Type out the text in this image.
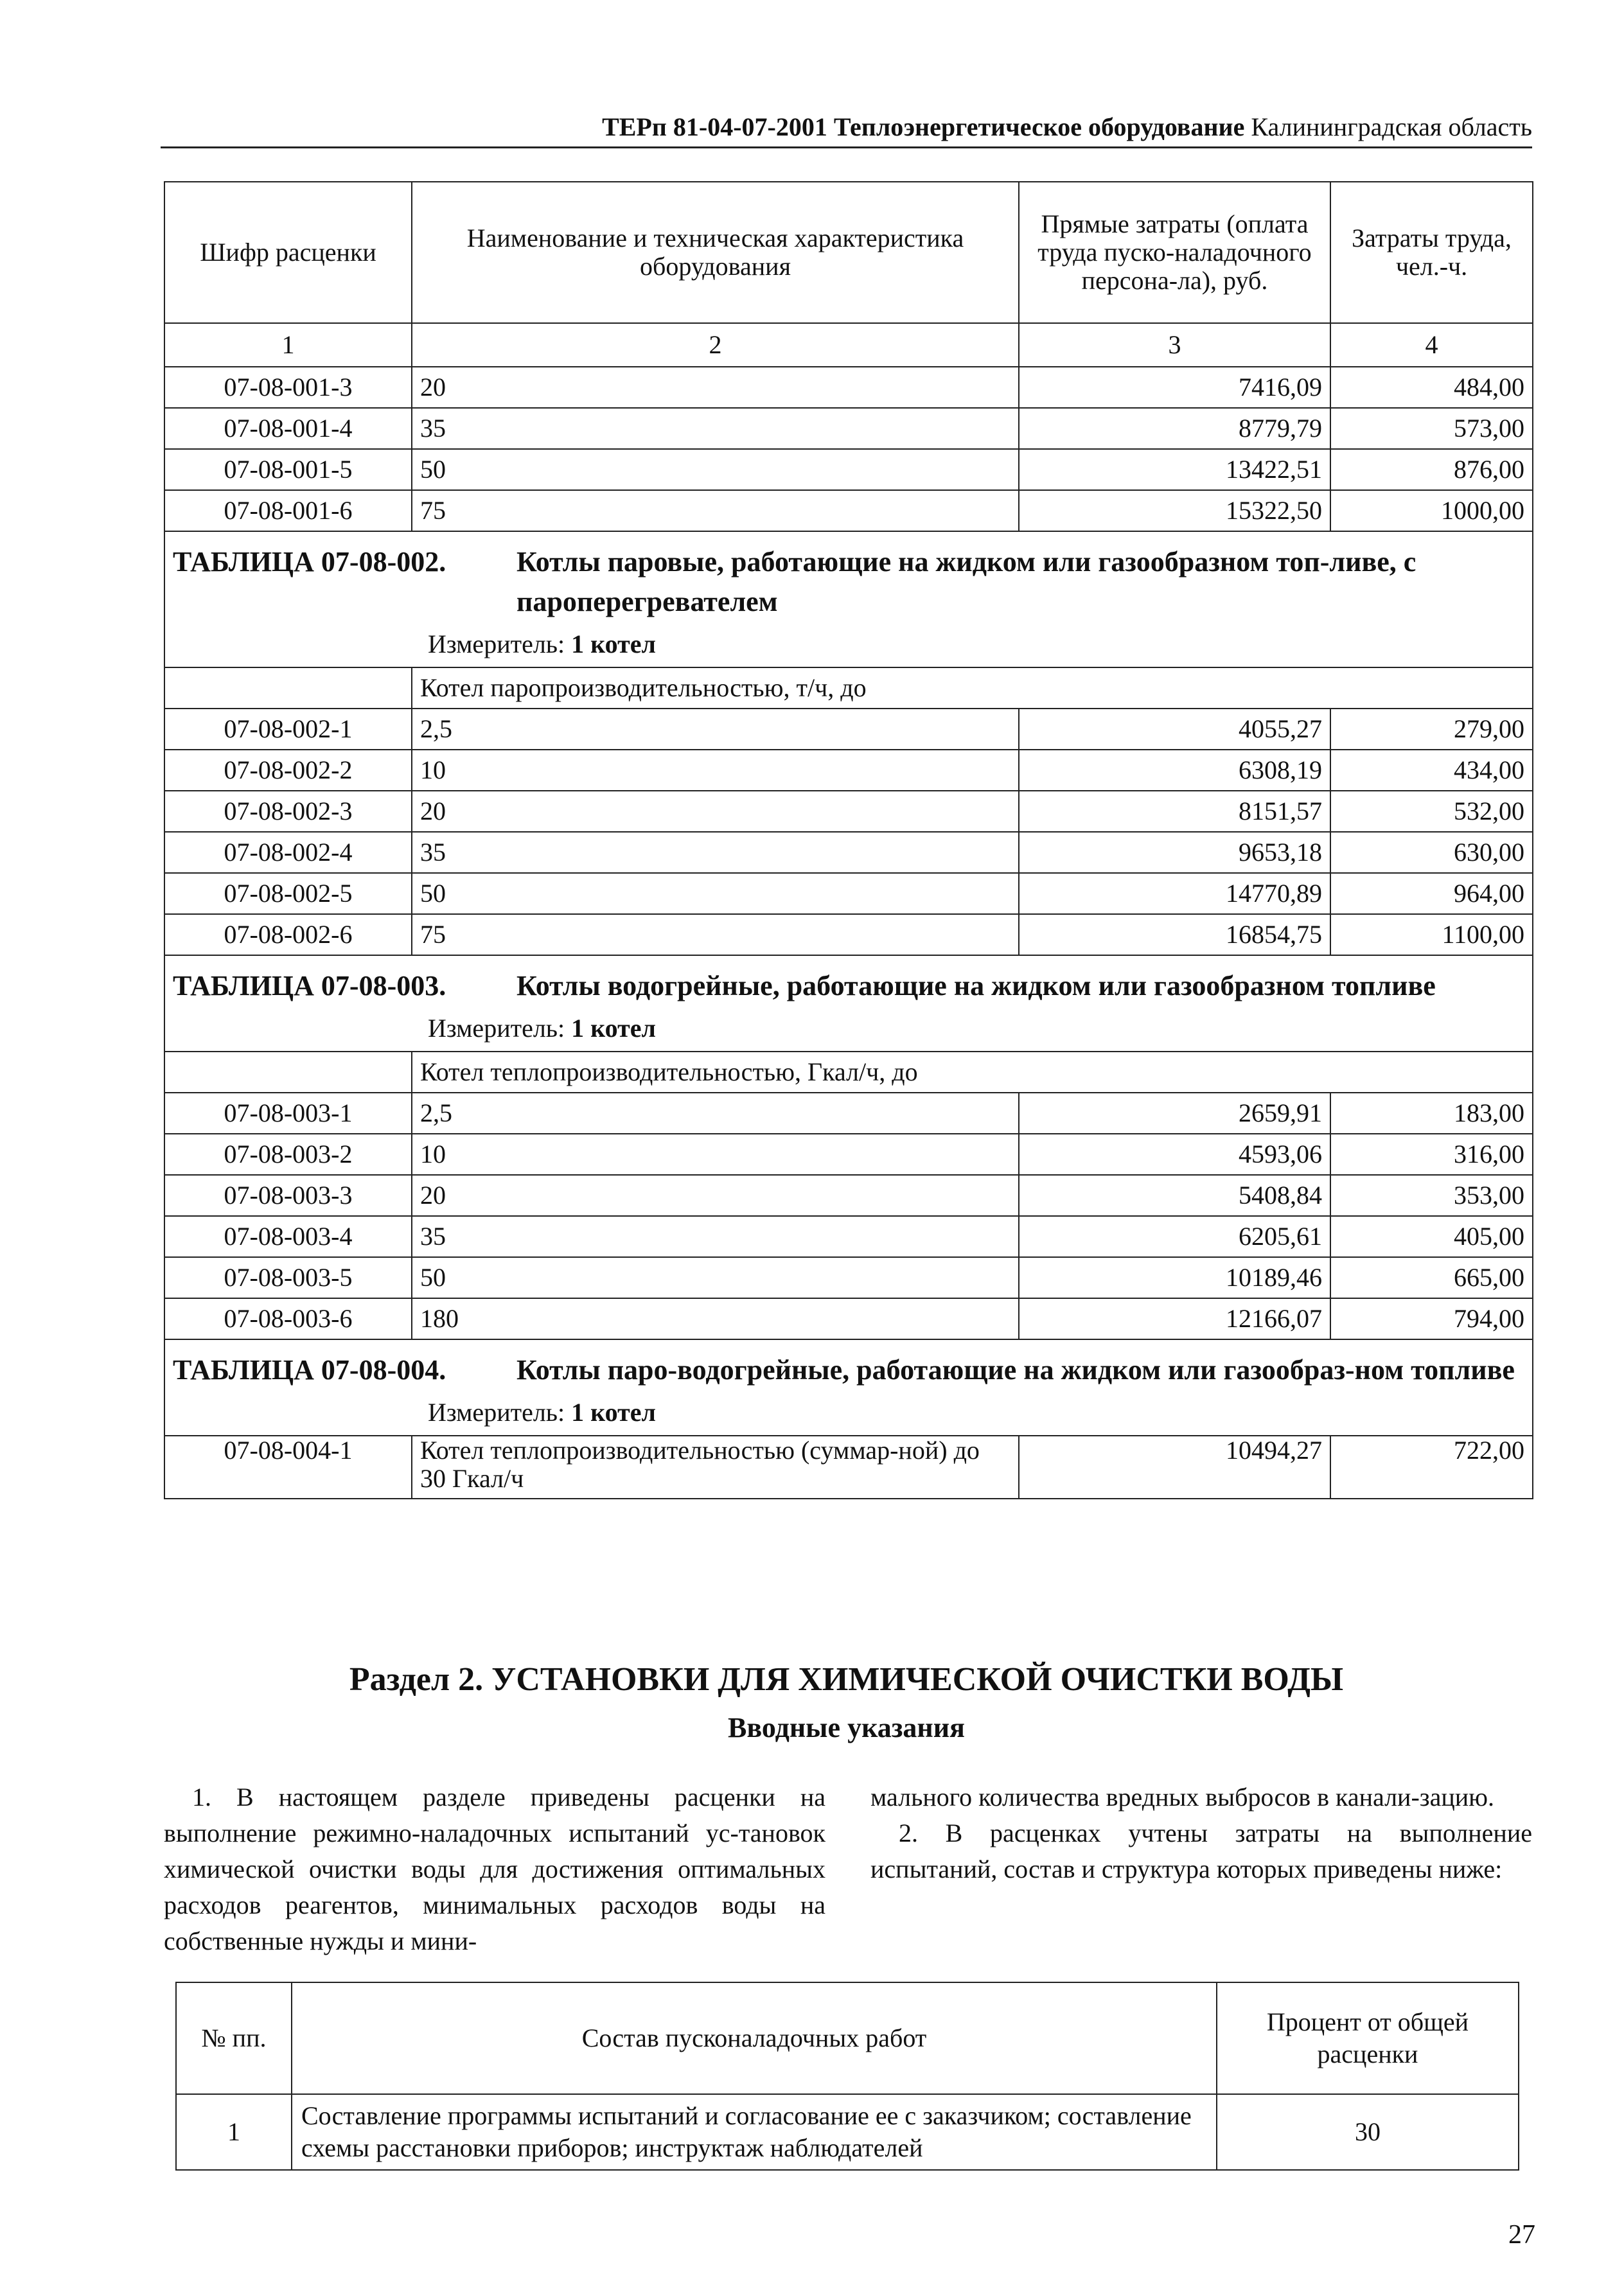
ТЕРп 81-04-07-2001 Теплоэнергетическое оборудование Калининградская область
Шифр расценки	Наименование и техническая характеристика оборудования	Прямые затраты (оплата труда пуско-наладочного персона-ла), руб.	Затраты труда, чел.-ч.
1	2	3	4
07-08-001-3	20	7416,09	484,00
07-08-001-4	35	8779,79	573,00
07-08-001-5	50	13422,51	876,00
07-08-001-6	75	15322,50	1000,00

ТАБЛИЦА 07-08-002. Котлы паровые, работающие на жидком или газообразном топ-ливе, с пароперегревателем
Измеритель: 1 котел			

	Котел паропроизводительностью, т/ч, до		
07-08-002-1	2,5	4055,27	279,00
07-08-002-2	10	6308,19	434,00
07-08-002-3	20	8151,57	532,00
07-08-002-4	35	9653,18	630,00
07-08-002-5	50	14770,89	964,00
07-08-002-6	75	16854,75	1100,00

ТАБЛИЦА 07-08-003. Котлы водогрейные, работающие на жидком или газообразном топливе
Измеритель: 1 котел			

	Котел теплопроизводительностью, Гкал/ч, до		
07-08-003-1	2,5	2659,91	183,00
07-08-003-2	10	4593,06	316,00
07-08-003-3	20	5408,84	353,00
07-08-003-4	35	6205,61	405,00
07-08-003-5	50	10189,46	665,00
07-08-003-6	180	12166,07	794,00

ТАБЛИЦА 07-08-004. Котлы паро-водогрейные, работающие на жидком или газообраз-ном топливе
Измеритель: 1 котел			

07-08-004-1	Котел теплопроизводительностью (суммар-ной) до 30 Гкал/ч	10494,27	722,00
Раздел 2. УСТАНОВКИ ДЛЯ ХИМИЧЕСКОЙ ОЧИСТКИ ВОДЫ
Вводные указания

1. В настоящем разделе приведены расценки на выполнение режимно-наладочных испытаний ус-тановок химической очистки воды для достижения оптимальных расходов реагентов, минимальных расходов воды на собственные нужды и мини-

мального количества вредных выбросов в канали-зацию.

2. В расценках учтены затраты на выполнение испытаний, состав и структура которых приведены ниже:

№ пп.	Состав пусконаладочных работ	Процент от общей расценки
1	Составление программы испытаний и согласование ее с заказчиком; составление схемы расстановки приборов; инструктаж наблюдателей	30
27
